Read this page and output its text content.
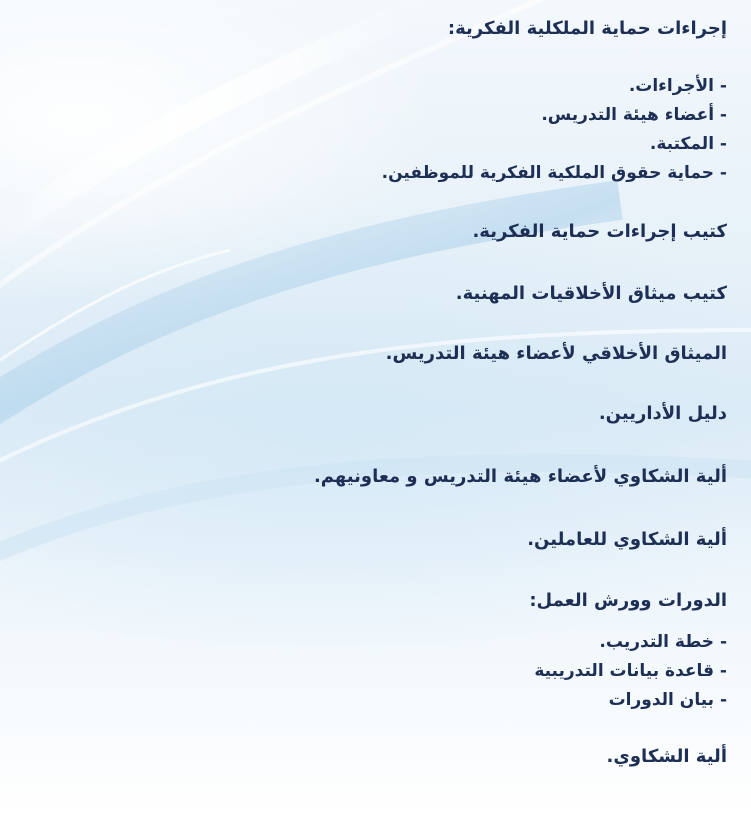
إجراءات حماية الملكلية الفكرية:
- الأجراءات.
- أعضاء هيئة التدريس.
- المكتبة.
- حماية حقوق الملكية الفكرية للموظفين.
كتيب إجراءات حماية الفكرية.
كتيب ميثاق الأخلاقيات المهنية.
الميثاق الأخلاقي لأعضاء هيئة التدريس.
دليل الأداريين.
ألية الشكاوي لأعضاء هيئة التدريس و معاونيهم.
ألية الشكاوي للعاملين.
الدورات وورش العمل:
- خطة التدريب.
- قاعدة بيانات التدريبية
- بيان الدورات
ألية الشكاوي.
